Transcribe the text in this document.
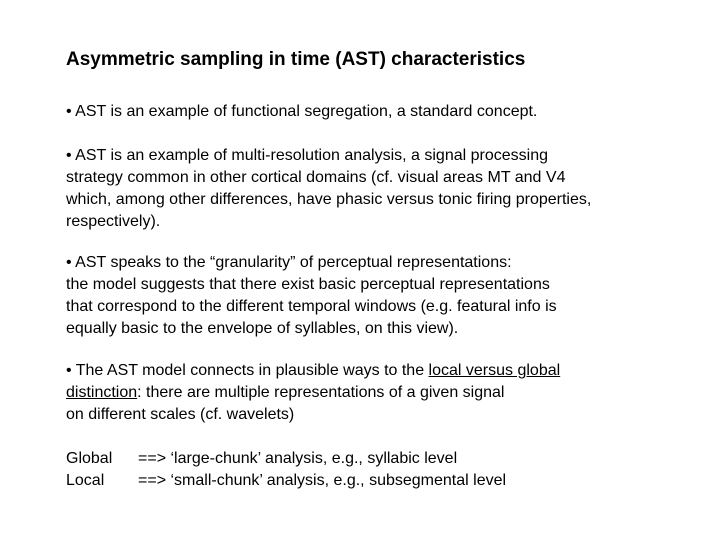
Asymmetric sampling in time (AST) characteristics
• AST is an example of functional segregation, a standard concept.
• AST is an example of multi-resolution analysis, a signal processing
strategy common in other cortical domains (cf. visual areas MT and V4
which, among other differences, have phasic versus tonic firing properties,
respectively).
• AST speaks to the “granularity” of perceptual representations:
the model suggests that there exist basic perceptual representations
that correspond to the different temporal windows (e.g. featural info is
equally basic to the envelope of syllables, on this view).
• The AST model connects in plausible ways to the local versus global
distinction: there are multiple representations of a given signal
on different scales (cf. wavelets)
Global ==> ‘large-chunk’ analysis, e.g., syllabic level
Local ==> ‘small-chunk’ analysis, e.g., subsegmental level
